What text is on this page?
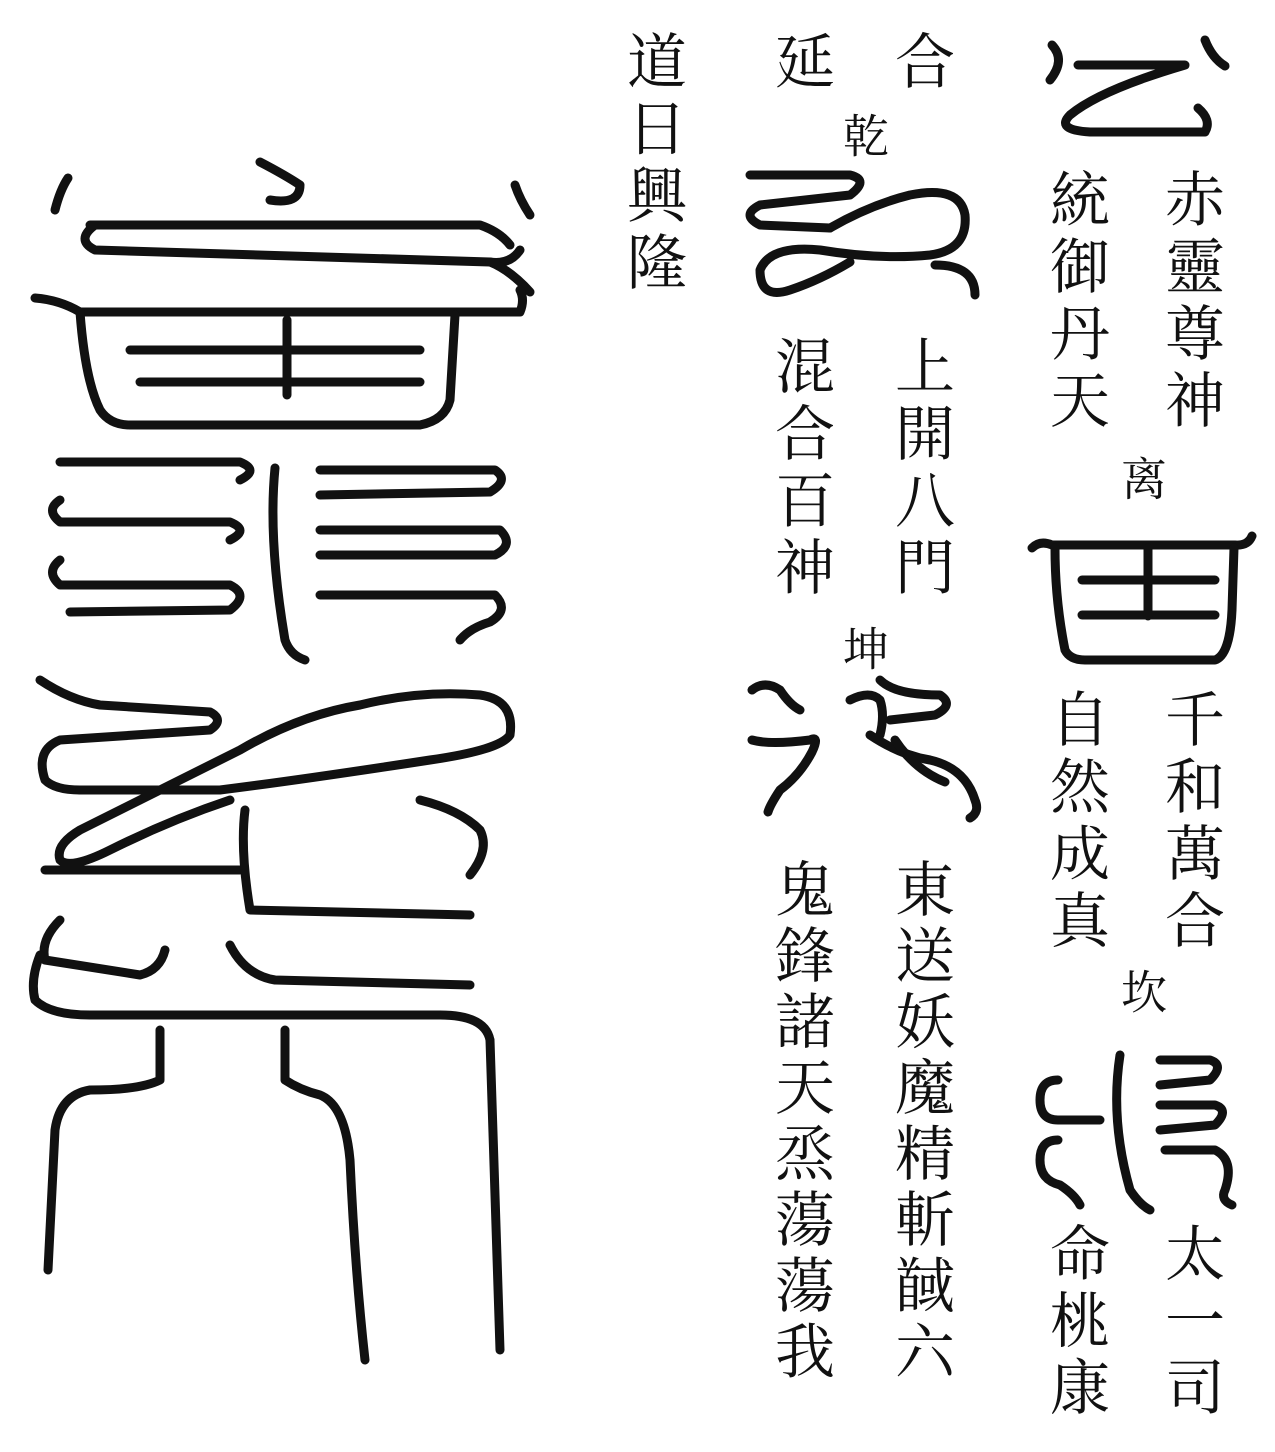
赤靈尊神
統御丹天
千和萬合
自然成真
太一司
命桃康
合
延
上開八門
混合百神
東送妖魔精斬馘六
鬼鋒諸天烝蕩蕩我
道日興隆
离
坎
乾
坤
